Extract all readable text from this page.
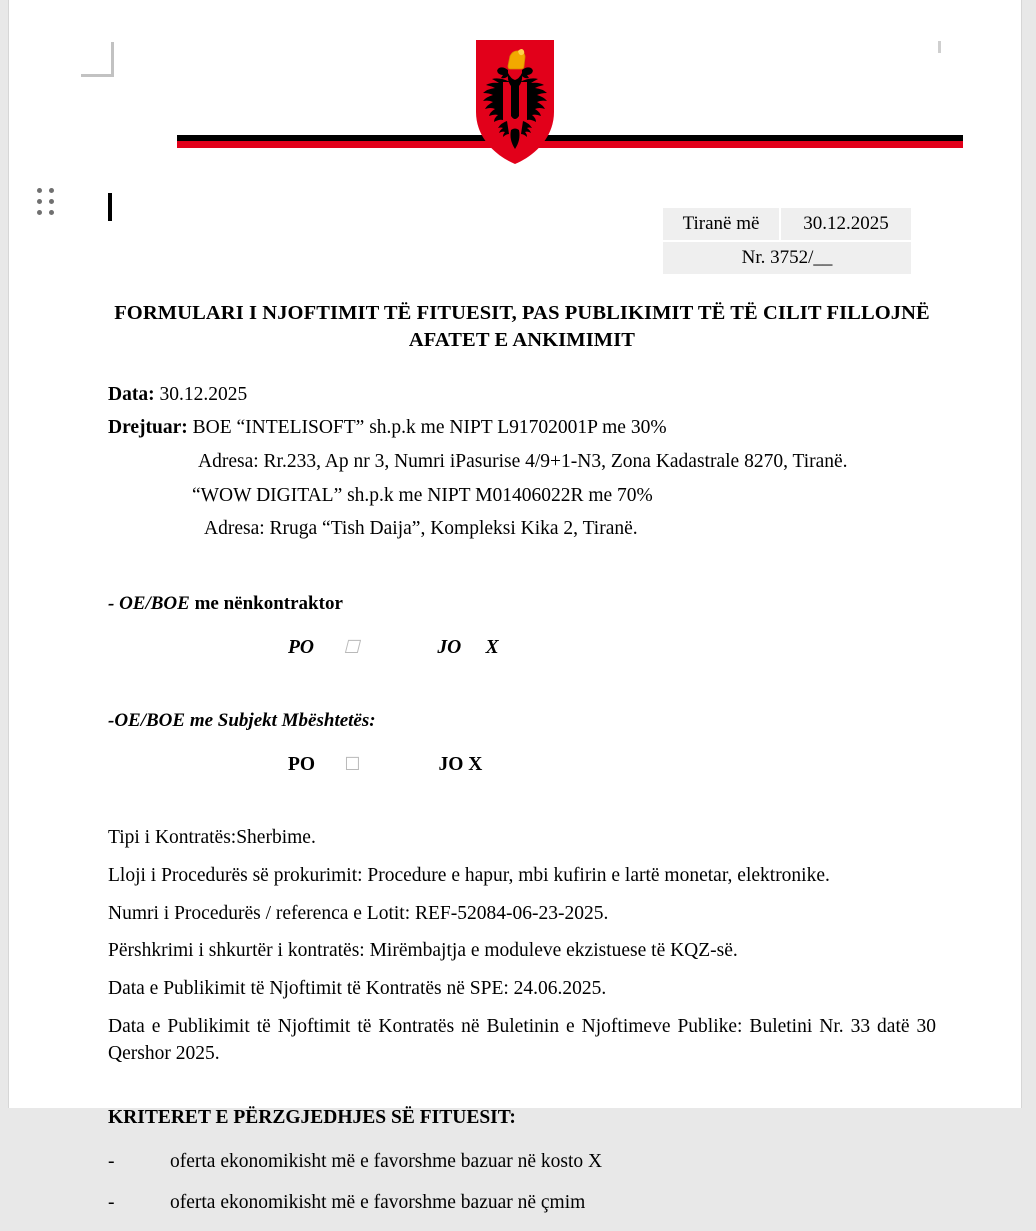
Tiranë më	30.12.2025
Nr. 3752/__
FORMULARI I NJOFTIMIT TË FITUESIT, PAS PUBLIKIMIT TË TË CILIT FILLOJNË AFATET E ANKIMIMIT

Data: 30.12.2025

Drejtuar: BOE “INTELISOFT” sh.p.k me NIPT L91702001P me 30%

Adresa: Rr.233, Ap nr 3, Numri iPasurise 4/9+1-N3, Zona Kadastrale 8270, Tiranë.

“WOW DIGITAL” sh.p.k me NIPT M01406022R me 70%

Adresa: Rruga “Tish Daija”, Kompleksi Kika 2, Tiranë.

- OE/BOE me nënkontraktor

PO ☐	JO X

-OE/BOE me Subjekt Mbështetës:

PO ☐	JO X

Tipi i Kontratës:Sherbime.

Lloji i Procedurës së prokurimit: Procedure e hapur, mbi kufirin e lartë monetar, elektronike.

Numri i Procedurës / referenca e Lotit: REF-52084-06-23-2025.

Përshkrimi i shkurtër i kontratës: Mirëmbajtja e moduleve ekzistuese të KQZ-së.

Data e Publikimit të Njoftimit të Kontratës në SPE: 24.06.2025.

Data e Publikimit të Njoftimit të Kontratës në Buletinin e Njoftimeve Publike: Buletini Nr. 33 datë 30 Qershor 2025.

KRITERET E PËRZGJEDHJES SË FITUESIT:
-	oferta ekonomikisht më e favorshme bazuar në kosto X
-	oferta ekonomikisht më e favorshme bazuar në çmim
